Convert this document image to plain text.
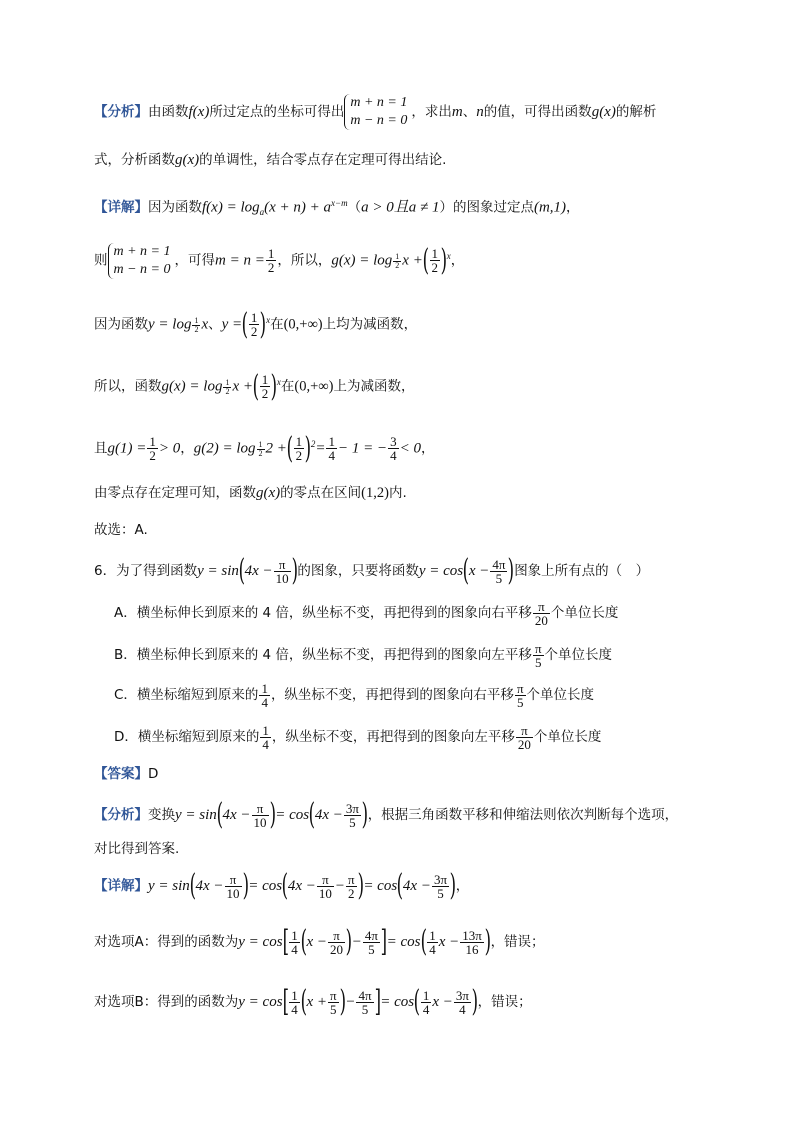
【分析】由函数f(x)所过定点的坐标可得出
m + n = 1
m − n = 0
，求出m、n的值，可得出函数g(x)的解析
式，分析函数g(x)的单调性，结合零点存在定理可得出结论.
【详解】因为函数$f(x) = \log_a(x + n) + a^{x-m}(a > 0$且a ≠ 1）的图象过定点(m,1)，
则
m + n = 1
m − n = 0
，可得$m = n = \frac{1}{2}$ ，所以，$g(x) = \log \frac{1}{2}$ x +( $\frac{1}{2} )^x$，
因为函数$y = \log \frac{1}{2}$ x、y =( $\frac{1}{2} )^x$在(0,+∞)上均为减函数，
所以，函数$g(x) = \log \frac{1}{2}$ x +( $\frac{1}{2} )^x$在(0,+∞)上为减函数，
且$g(1) = \frac{1}{2} > 0$，$g(2) = \log \frac{1}{2} 2$ +( $\frac{1}{2} )^2= \frac{1}{4} - 1$ = − $\frac{3}{4} < 0$，
由零点存在定理可知，函数g(x)的零点在区间(1,2)内.
故选：A.
6．为了得到函数$y = \sin(4x - \frac{\pi}{10}$ )的图象，只要将函数$y = \cos(x - \frac{4\pi}{5}$ )图象上所有点的（　）
A．横坐标伸长到原来的 4 倍，纵坐标不变，再把得到的图象向右平移 $\frac{\pi}{20}$ 个单位长度
B．横坐标伸长到原来的 4 倍，纵坐标不变，再把得到的图象向左平移 $\frac{\pi}{5}$ 个单位长度
C．横坐标缩短到原来的 $\frac{1}{4}$ ，纵坐标不变，再把得到的图象向右平移 $\frac{\pi}{5}$ 个单位长度
D．横坐标缩短到原来的 $\frac{1}{4}$ ，纵坐标不变，再把得到的图象向左平移 $\frac{\pi}{20}$ 个单位长度
【答案】D
【分析】变换$y = \sin(4x - \frac{\pi}{10}$ )= $\cos(4x - \frac{3\pi}{5}$ )，根据三角函数平移和伸缩法则依次判断每个选项，
对比得到答案.
【详解】$y = \sin(4x - \frac{\pi}{10}$ )= $\cos(4x - \frac{\pi}{10} - \frac{\pi}{2}$ )= $\cos(4x - \frac{3\pi}{5}$ )，
对选项A：得到的函数为$y = \cos[ \frac{1}{4} (x - \frac{\pi}{20}$ )− $\frac{4\pi}{5}$ ]= $\cos( \frac{1}{4}$ $x - \frac{13\pi}{16}$ )，错误；
对选项B：得到的函数为$y = \cos[ \frac{1}{4} (x + \frac{\pi}{5}$ )− $\frac{4\pi}{5}$ ]= $\cos( \frac{1}{4}$ $x - \frac{3\pi}{4}$ )，错误；
